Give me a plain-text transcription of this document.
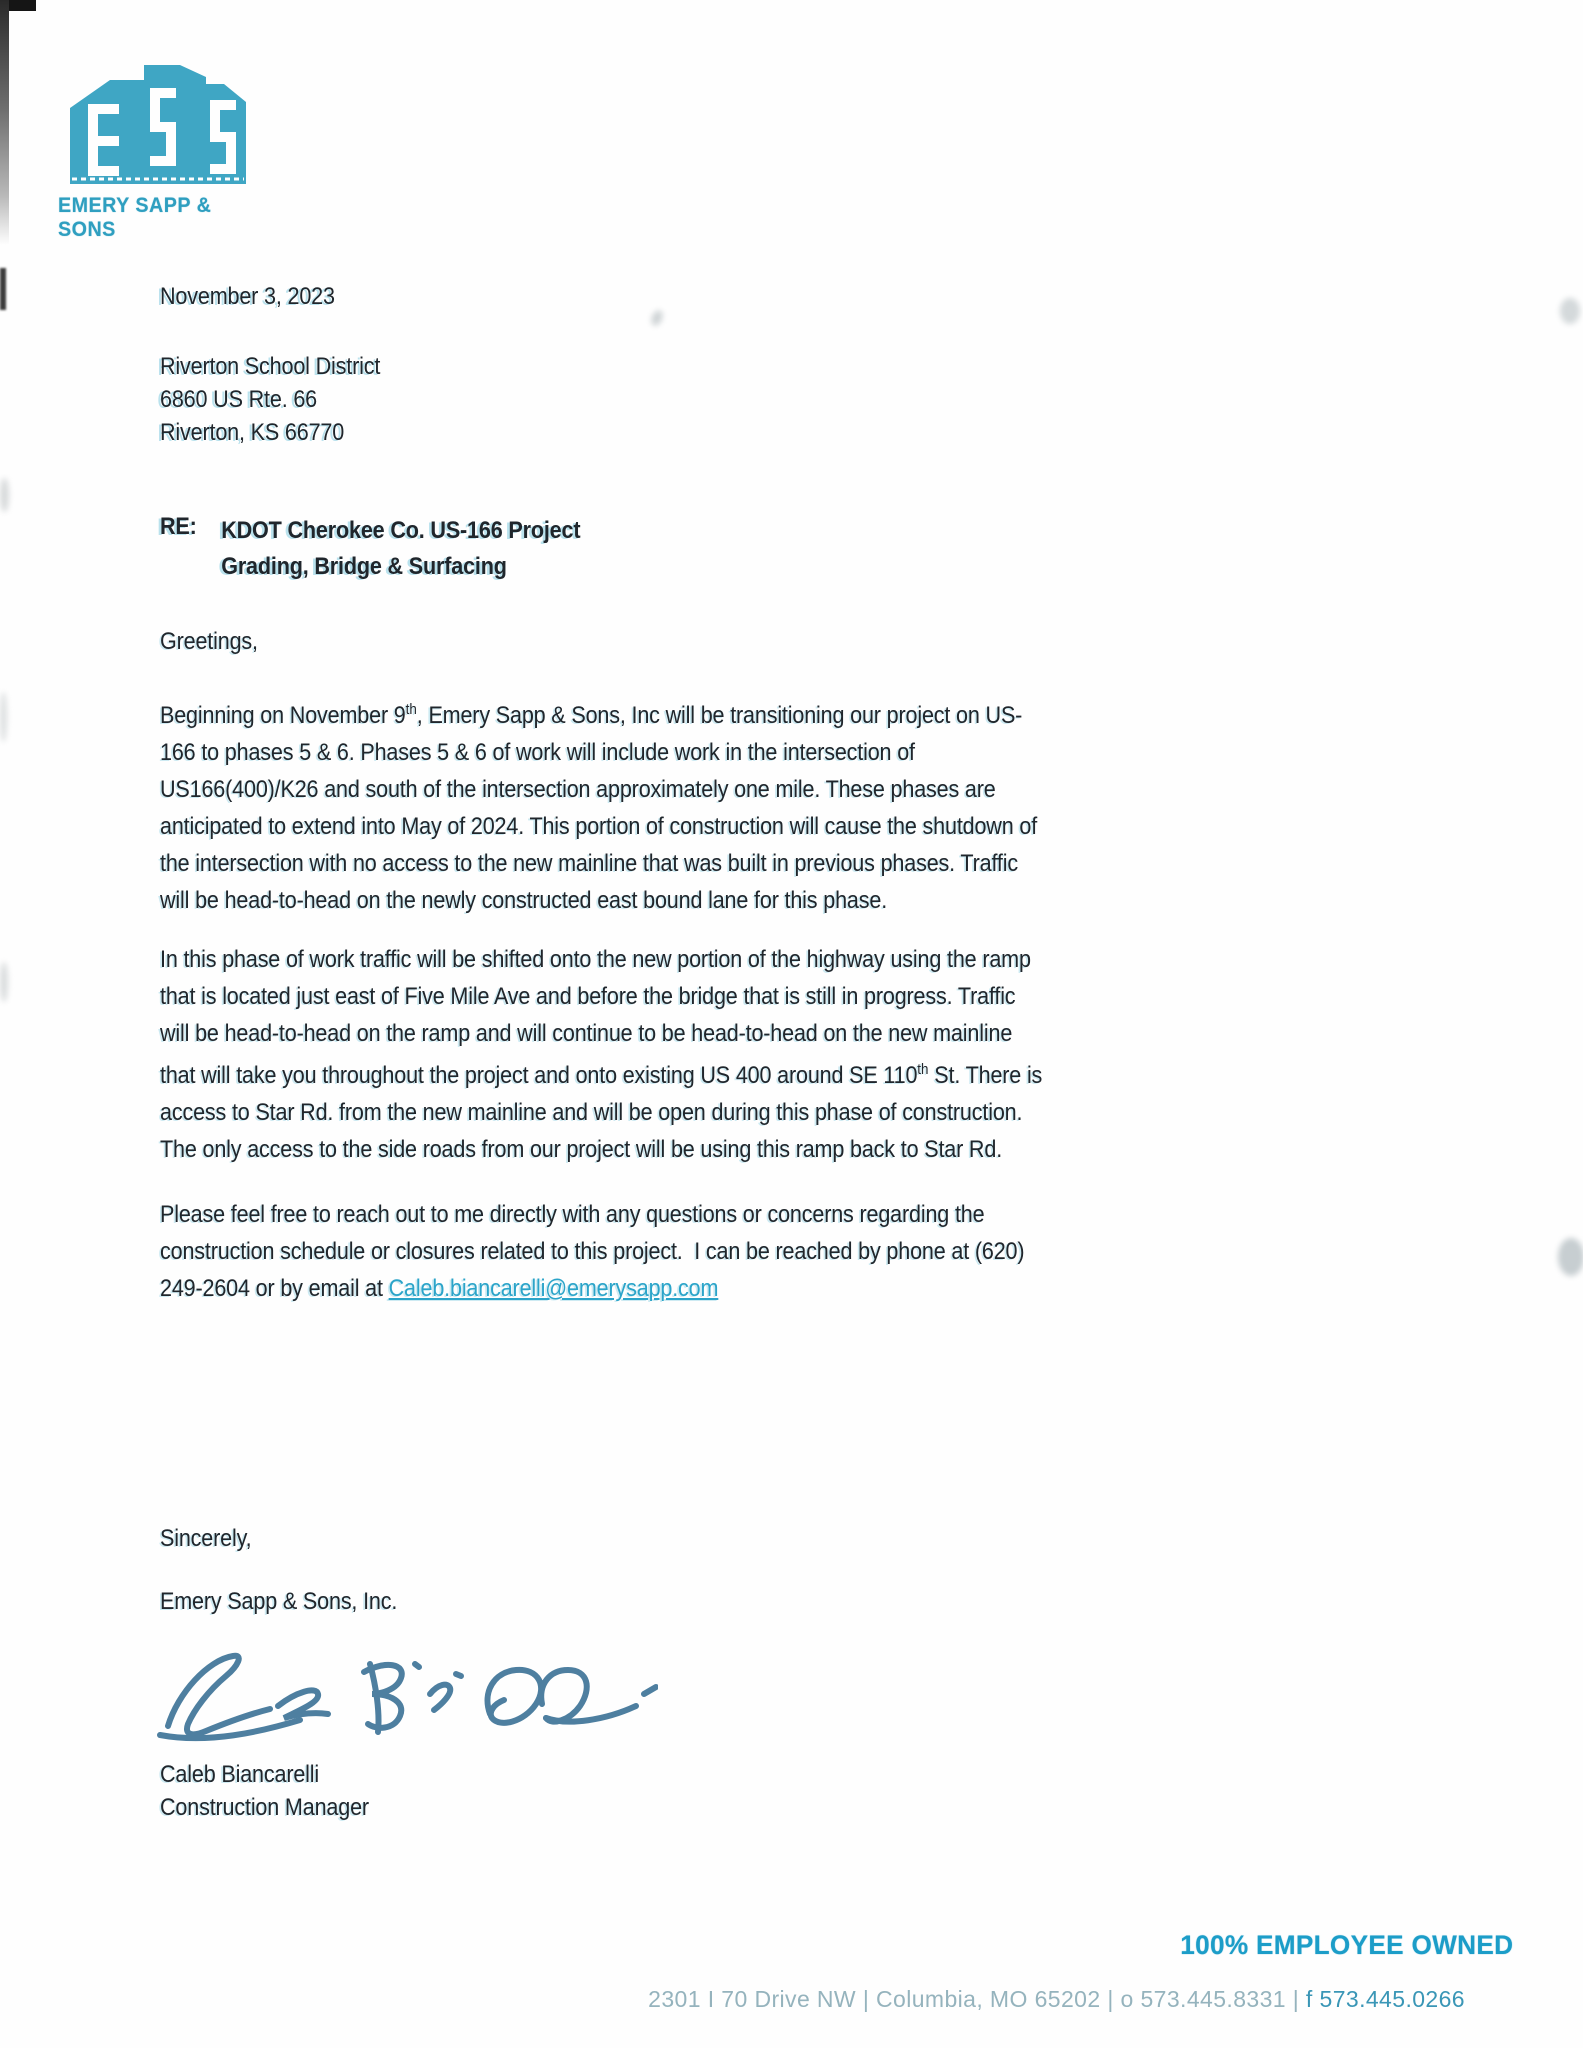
EMERY SAPP & SONS
November 3, 2023
Riverton School District
6860 US Rte. 66
Riverton, KS 66770
RE:	KDOT Cherokee Co. US-166 Project
Grading, Bridge & Surfacing
Greetings,
Beginning on November 9th, Emery Sapp & Sons, Inc will be transitioning our project on US-
166 to phases 5 & 6. Phases 5 & 6 of work will include work in the intersection of
US166(400)/K26 and south of the intersection approximately one mile. These phases are
anticipated to extend into May of 2024. This portion of construction will cause the shutdown of
the intersection with no access to the new mainline that was built in previous phases. Traffic
will be head-to-head on the newly constructed east bound lane for this phase.
In this phase of work traffic will be shifted onto the new portion of the highway using the ramp
that is located just east of Five Mile Ave and before the bridge that is still in progress. Traffic
will be head-to-head on the ramp and will continue to be head-to-head on the new mainline
that will take you throughout the project and onto existing US 400 around SE 110th St. There is
access to Star Rd. from the new mainline and will be open during this phase of construction.
The only access to the side roads from our project will be using this ramp back to Star Rd.
Please feel free to reach out to me directly with any questions or concerns regarding the
construction schedule or closures related to this project.  I can be reached by phone at (620)
249-2604 or by email at Caleb.biancarelli@emerysapp.com
Sincerely,
Emery Sapp & Sons, Inc.
Caleb Biancarelli
Construction Manager
100% EMPLOYEE OWNED
2301 I 70 Drive NW | Columbia, MO 65202 | o 573.445.8331 | f 573.445.0266
